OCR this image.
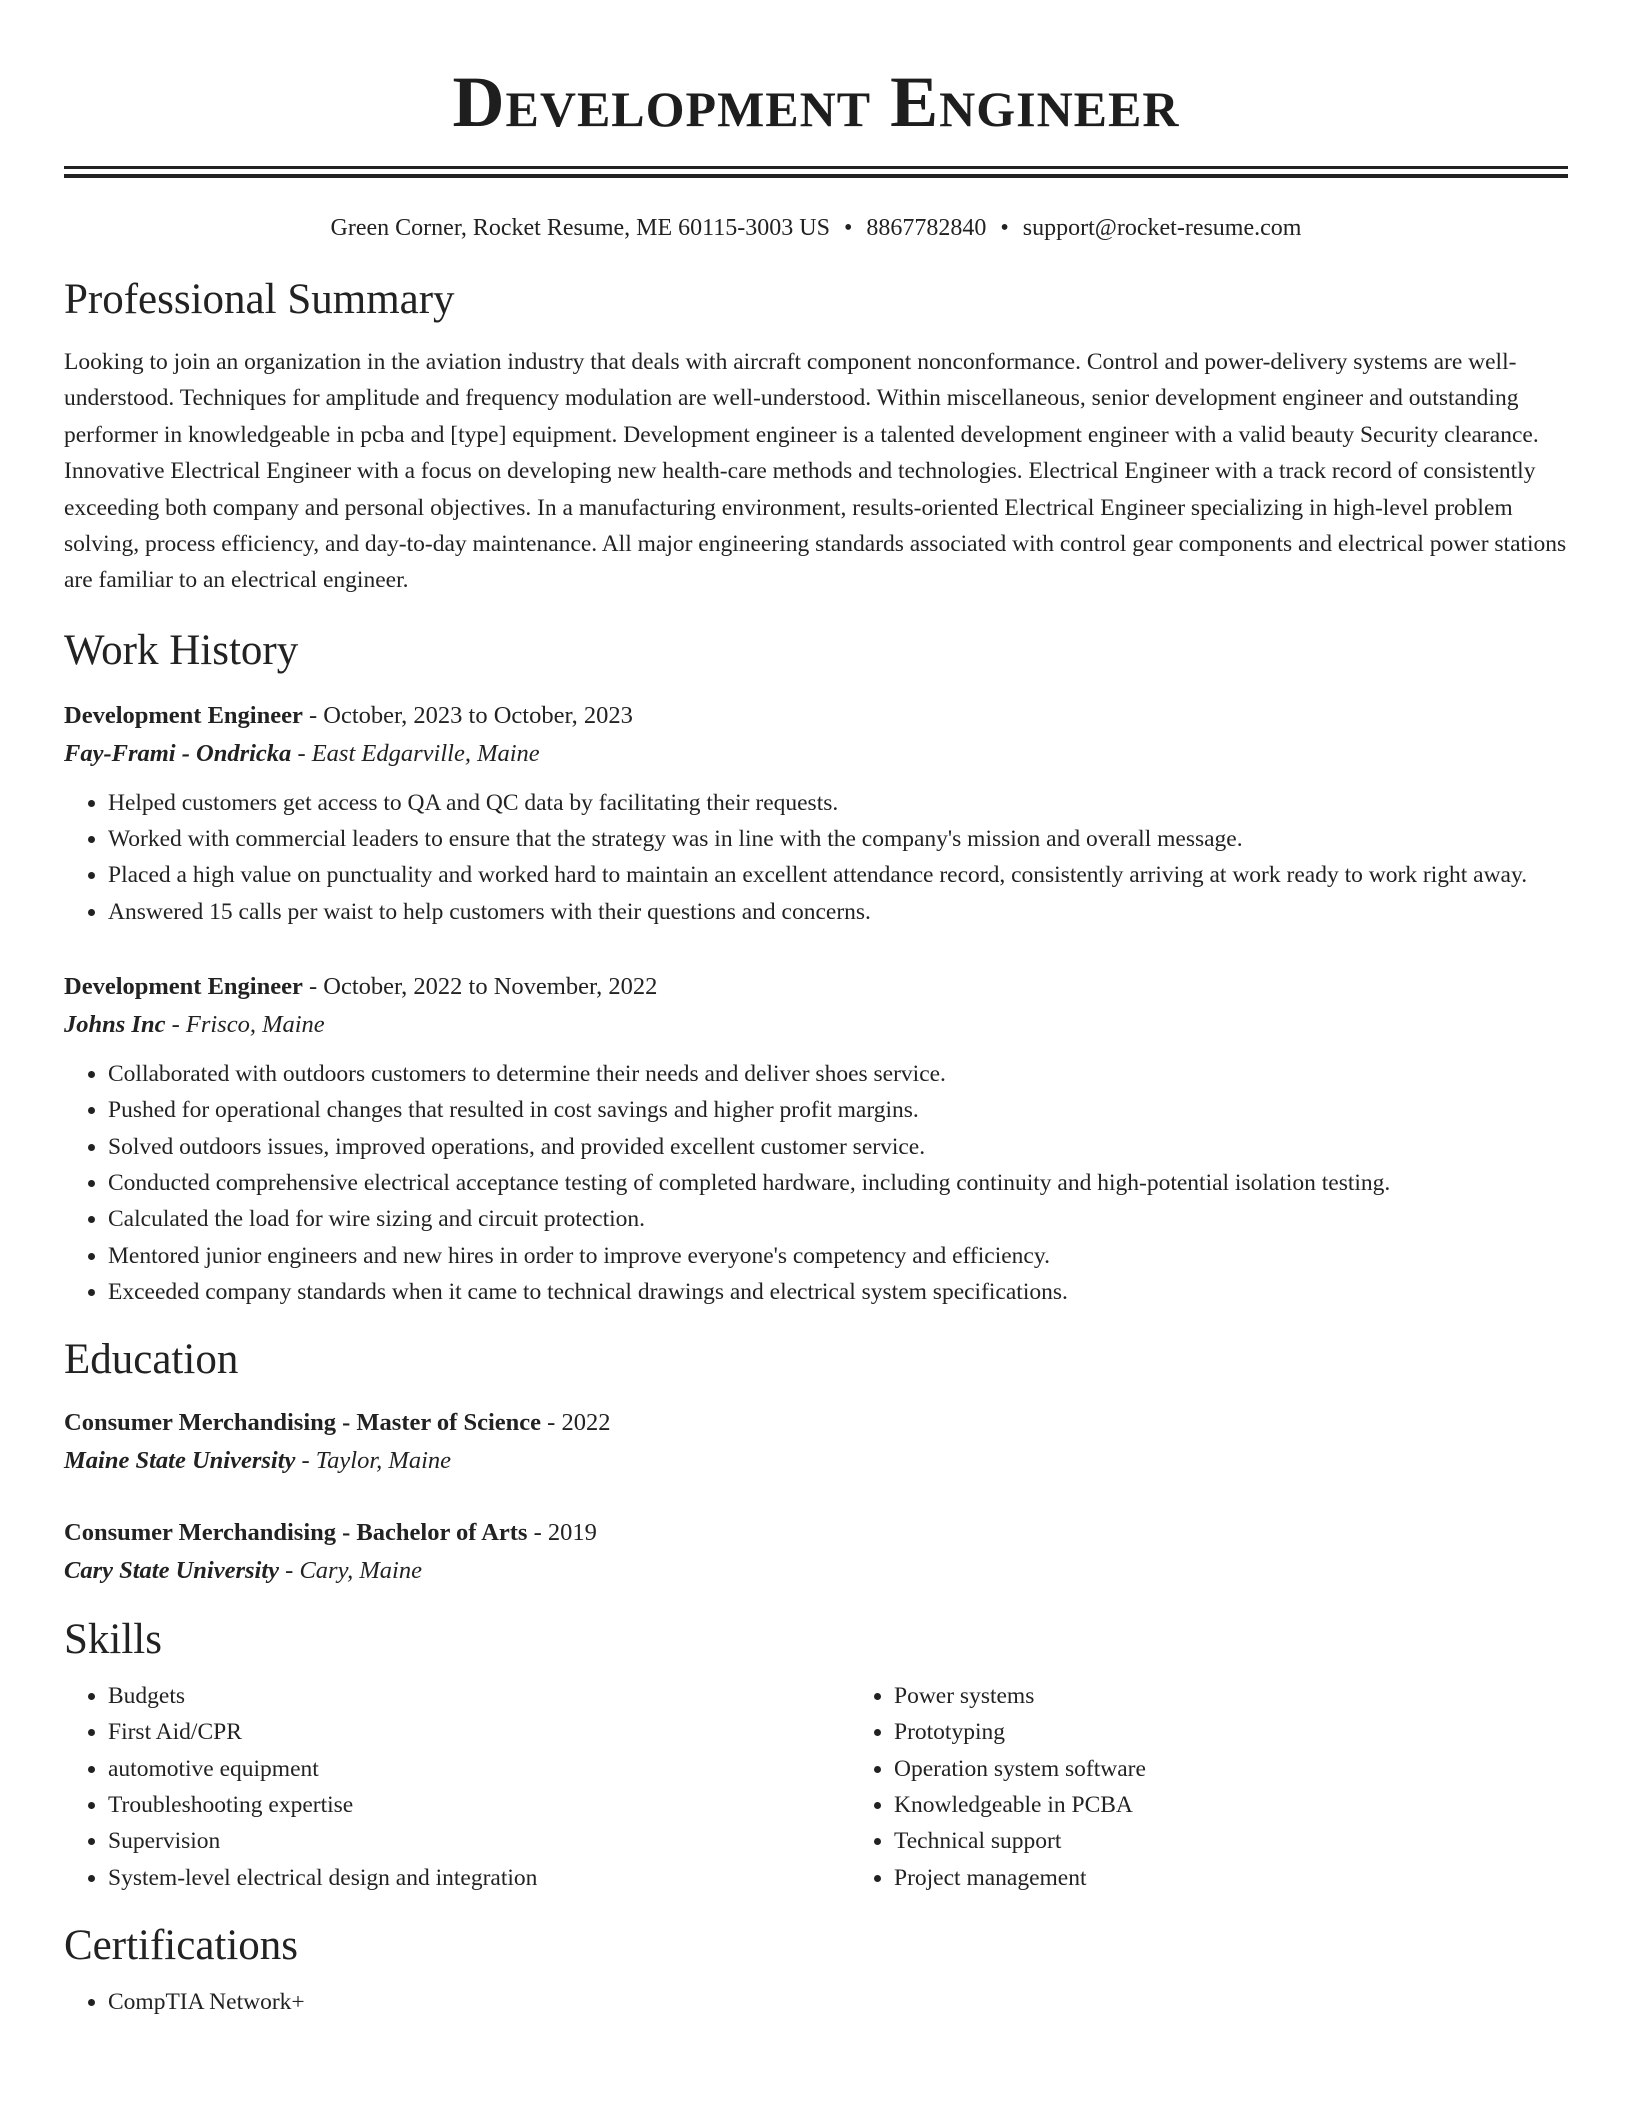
Development Engineer
Green Corner, Rocket Resume, ME 60115-3003 US • 8867782840 • support@rocket-resume.com
Professional Summary

Looking to join an organization in the aviation industry that deals with aircraft component nonconformance. Control and power-delivery systems are well-understood. Techniques for amplitude and frequency modulation are well-understood. Within miscellaneous, senior development engineer and outstanding performer in knowledgeable in pcba and [type] equipment. Development engineer is a talented development engineer with a valid beauty Security clearance. Innovative Electrical Engineer with a focus on developing new health-care methods and technologies. Electrical Engineer with a track record of consistently exceeding both company and personal objectives. In a manufacturing environment, results-oriented Electrical Engineer specializing in high-level problem solving, process efficiency, and day-to-day maintenance. All major engineering standards associated with control gear components and electrical power stations are familiar to an electrical engineer.

Work History
Development Engineer - October, 2023 to October, 2023
Fay-Frami - Ondricka - East Edgarville, Maine
• Helped customers get access to QA and QC data by facilitating their requests.
• Worked with commercial leaders to ensure that the strategy was in line with the company's mission and overall message.
• Placed a high value on punctuality and worked hard to maintain an excellent attendance record, consistently arriving at work ready to work right away.
• Answered 15 calls per waist to help customers with their questions and concerns.
Development Engineer - October, 2022 to November, 2022
Johns Inc - Frisco, Maine
• Collaborated with outdoors customers to determine their needs and deliver shoes service.
• Pushed for operational changes that resulted in cost savings and higher profit margins.
• Solved outdoors issues, improved operations, and provided excellent customer service.
• Conducted comprehensive electrical acceptance testing of completed hardware, including continuity and high-potential isolation testing.
• Calculated the load for wire sizing and circuit protection.
• Mentored junior engineers and new hires in order to improve everyone's competency and efficiency.
• Exceeded company standards when it came to technical drawings and electrical system specifications.
Education
Consumer Merchandising - Master of Science - 2022
Maine State University - Taylor, Maine
Consumer Merchandising - Bachelor of Arts - 2019
Cary State University - Cary, Maine
Skills
• Budgets
• First Aid/CPR
• automotive equipment
• Troubleshooting expertise
• Supervision
• System-level electrical design and integration
• Power systems
• Prototyping
• Operation system software
• Knowledgeable in PCBA
• Technical support
• Project management
Certifications
• CompTIA Network+
